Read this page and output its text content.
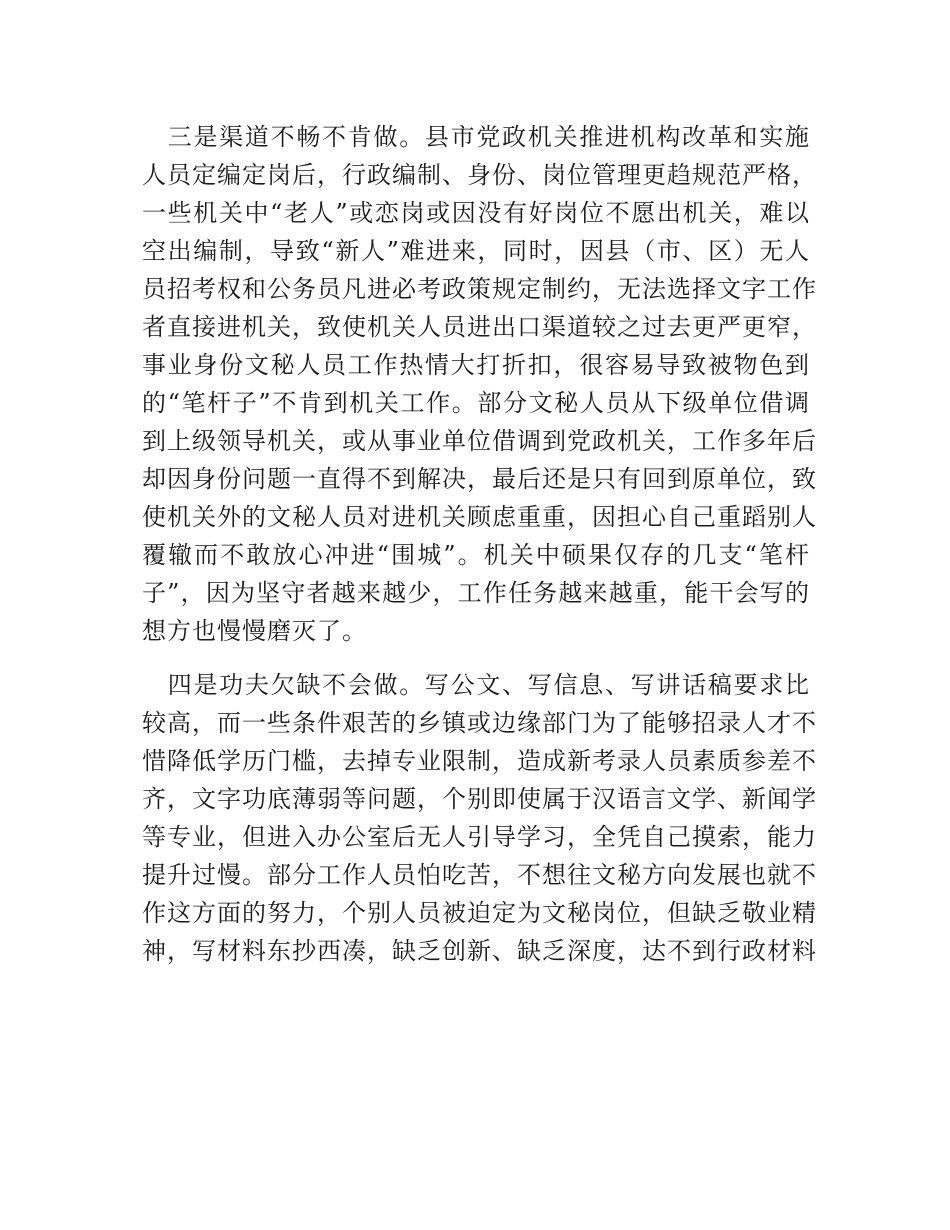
　三是渠道不畅不肯做。县市党政机关推进机构改革和实施
人员定编定岗后，行政编制、身份、岗位管理更趋规范严格，
一些机关中“老人”或恋岗或因没有好岗位不愿出机关，难以
空出编制，导致“新人”难进来，同时，因县（市、区）无人
员招考权和公务员凡进必考政策规定制约，无法选择文字工作
者直接进机关，致使机关人员进出口渠道较之过去更严更窄，
事业身份文秘人员工作热情大打折扣，很容易导致被物色到
的“笔杆子”不肯到机关工作。部分文秘人员从下级单位借调
到上级领导机关，或从事业单位借调到党政机关，工作多年后
却因身份问题一直得不到解决，最后还是只有回到原单位，致
使机关外的文秘人员对进机关顾虑重重，因担心自己重蹈别人
覆辙而不敢放心冲进“围城”。机关中硕果仅存的几支“笔杆
子”，因为坚守者越来越少，工作任务越来越重，能干会写的
想方也慢慢磨灭了。
　四是功夫欠缺不会做。写公文、写信息、写讲话稿要求比
较高，而一些条件艰苦的乡镇或边缘部门为了能够招录人才不
惜降低学历门槛，去掉专业限制，造成新考录人员素质参差不
齐，文字功底薄弱等问题，个别即使属于汉语言文学、新闻学
等专业，但进入办公室后无人引导学习，全凭自己摸索，能力
提升过慢。部分工作人员怕吃苦，不想往文秘方向发展也就不
作这方面的努力，个别人员被迫定为文秘岗位，但缺乏敬业精
神，写材料东抄西凑，缺乏创新、缺乏深度，达不到行政材料
